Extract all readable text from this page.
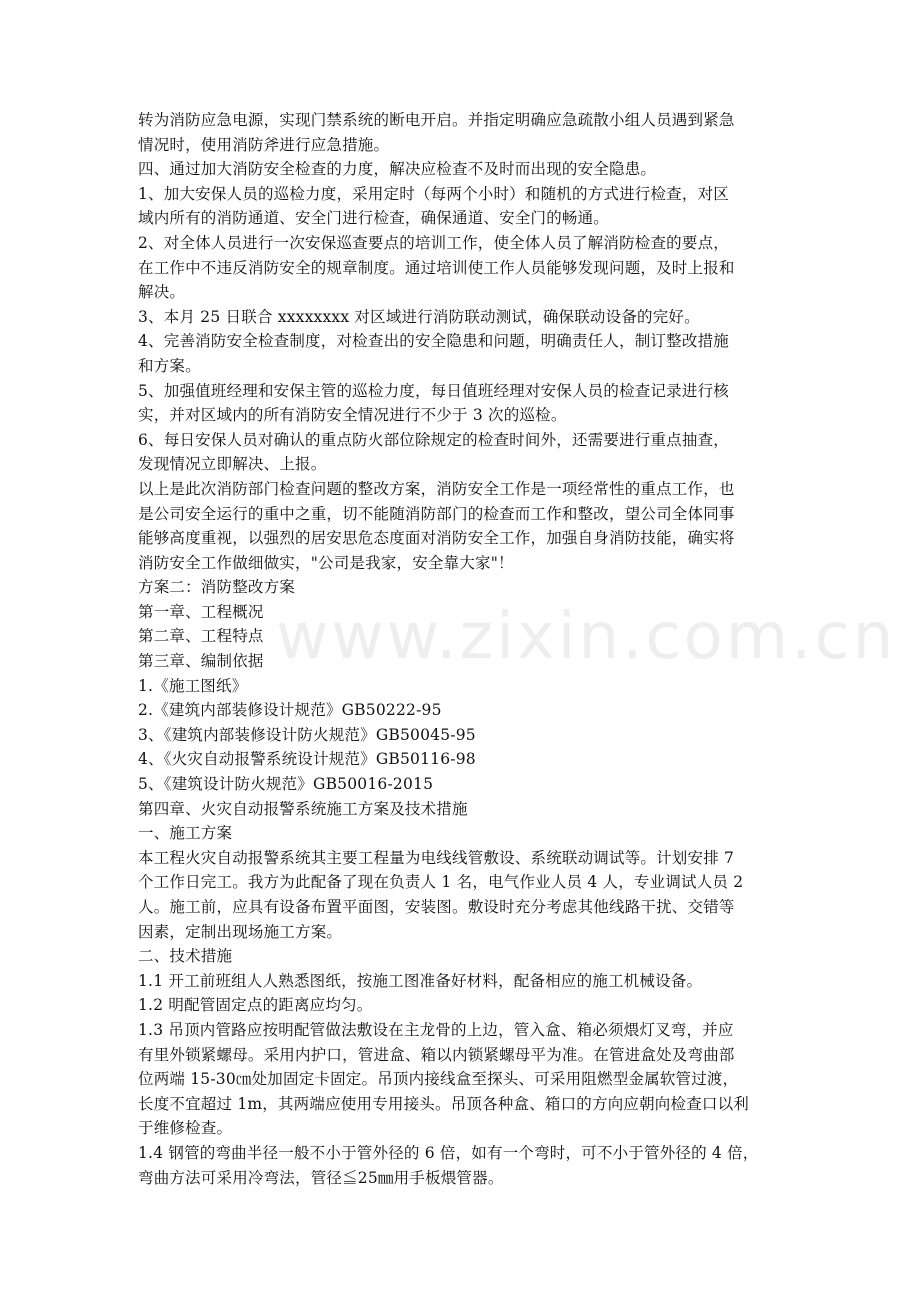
www.zixin.com.cn
转为消防应急电源，实现门禁系统的断电开启。并指定明确应急疏散小组人员遇到紧急
情况时，使用消防斧进行应急措施。
四、通过加大消防安全检查的力度，解决应检查不及时而出现的安全隐患。
1、加大安保人员的巡检力度，采用定时（每两个小时）和随机的方式进行检查，对区
域内所有的消防通道、安全门进行检查，确保通道、安全门的畅通。
2、对全体人员进行一次安保巡查要点的培训工作，使全体人员了解消防检查的要点，
在工作中不违反消防安全的规章制度。通过培训使工作人员能够发现问题，及时上报和
解决。
3、本月 25 日联合 xxxxxxxx 对区域进行消防联动测试，确保联动设备的完好。
4、完善消防安全检查制度，对检查出的安全隐患和问题，明确责任人，制订整改措施
和方案。
5、加强值班经理和安保主管的巡检力度，每日值班经理对安保人员的检查记录进行核
实，并对区域内的所有消防安全情况进行不少于 3 次的巡检。
6、每日安保人员对确认的重点防火部位除规定的检查时间外，还需要进行重点抽查，
发现情况立即解决、上报。
以上是此次消防部门检查问题的整改方案，消防安全工作是一项经常性的重点工作，也
是公司安全运行的重中之重，切不能随消防部门的检查而工作和整改，望公司全体同事
能够高度重视，以强烈的居安思危态度面对消防安全工作，加强自身消防技能，确实将
消防安全工作做细做实，"公司是我家，安全靠大家"！
方案二：消防整改方案
第一章、工程概况
第二章、工程特点
第三章、编制依据
1.《施工图纸》
2.《建筑内部装修设计规范》GB50222-95
3、《建筑内部装修设计防火规范》GB50045-95
4、《火灾自动报警系统设计规范》GB50116-98
5、《建筑设计防火规范》GB50016-2015
第四章、火灾自动报警系统施工方案及技术措施
一、施工方案
本工程火灾自动报警系统其主要工程量为电线线管敷设、系统联动调试等。计划安排 7
个工作日完工。我方为此配备了现在负责人 1 名，电气作业人员 4 人，专业调试人员 2
人。施工前，应具有设备布置平面图，安装图。敷设时充分考虑其他线路干扰、交错等
因素，定制出现场施工方案。
二、技术措施
1.1 开工前班组人人熟悉图纸，按施工图准备好材料，配备相应的施工机械设备。
1.2 明配管固定点的距离应均匀。
1.3 吊顶内管路应按明配管做法敷设在主龙骨的上边，管入盒、箱必须煨灯叉弯，并应
有里外锁紧螺母。采用内护口，管进盒、箱以内锁紧螺母平为准。在管进盒处及弯曲部
位两端 15-30㎝处加固定卡固定。吊顶内接线盒至探头、可采用阻燃型金属软管过渡，
长度不宜超过 1m，其两端应使用专用接头。吊顶各种盒、箱口的方向应朝向检查口以利
于维修检查。
1.4 钢管的弯曲半径一般不小于管外径的 6 倍，如有一个弯时，可不小于管外径的 4 倍，
弯曲方法可采用冷弯法，管径≦25㎜用手板煨管器。
